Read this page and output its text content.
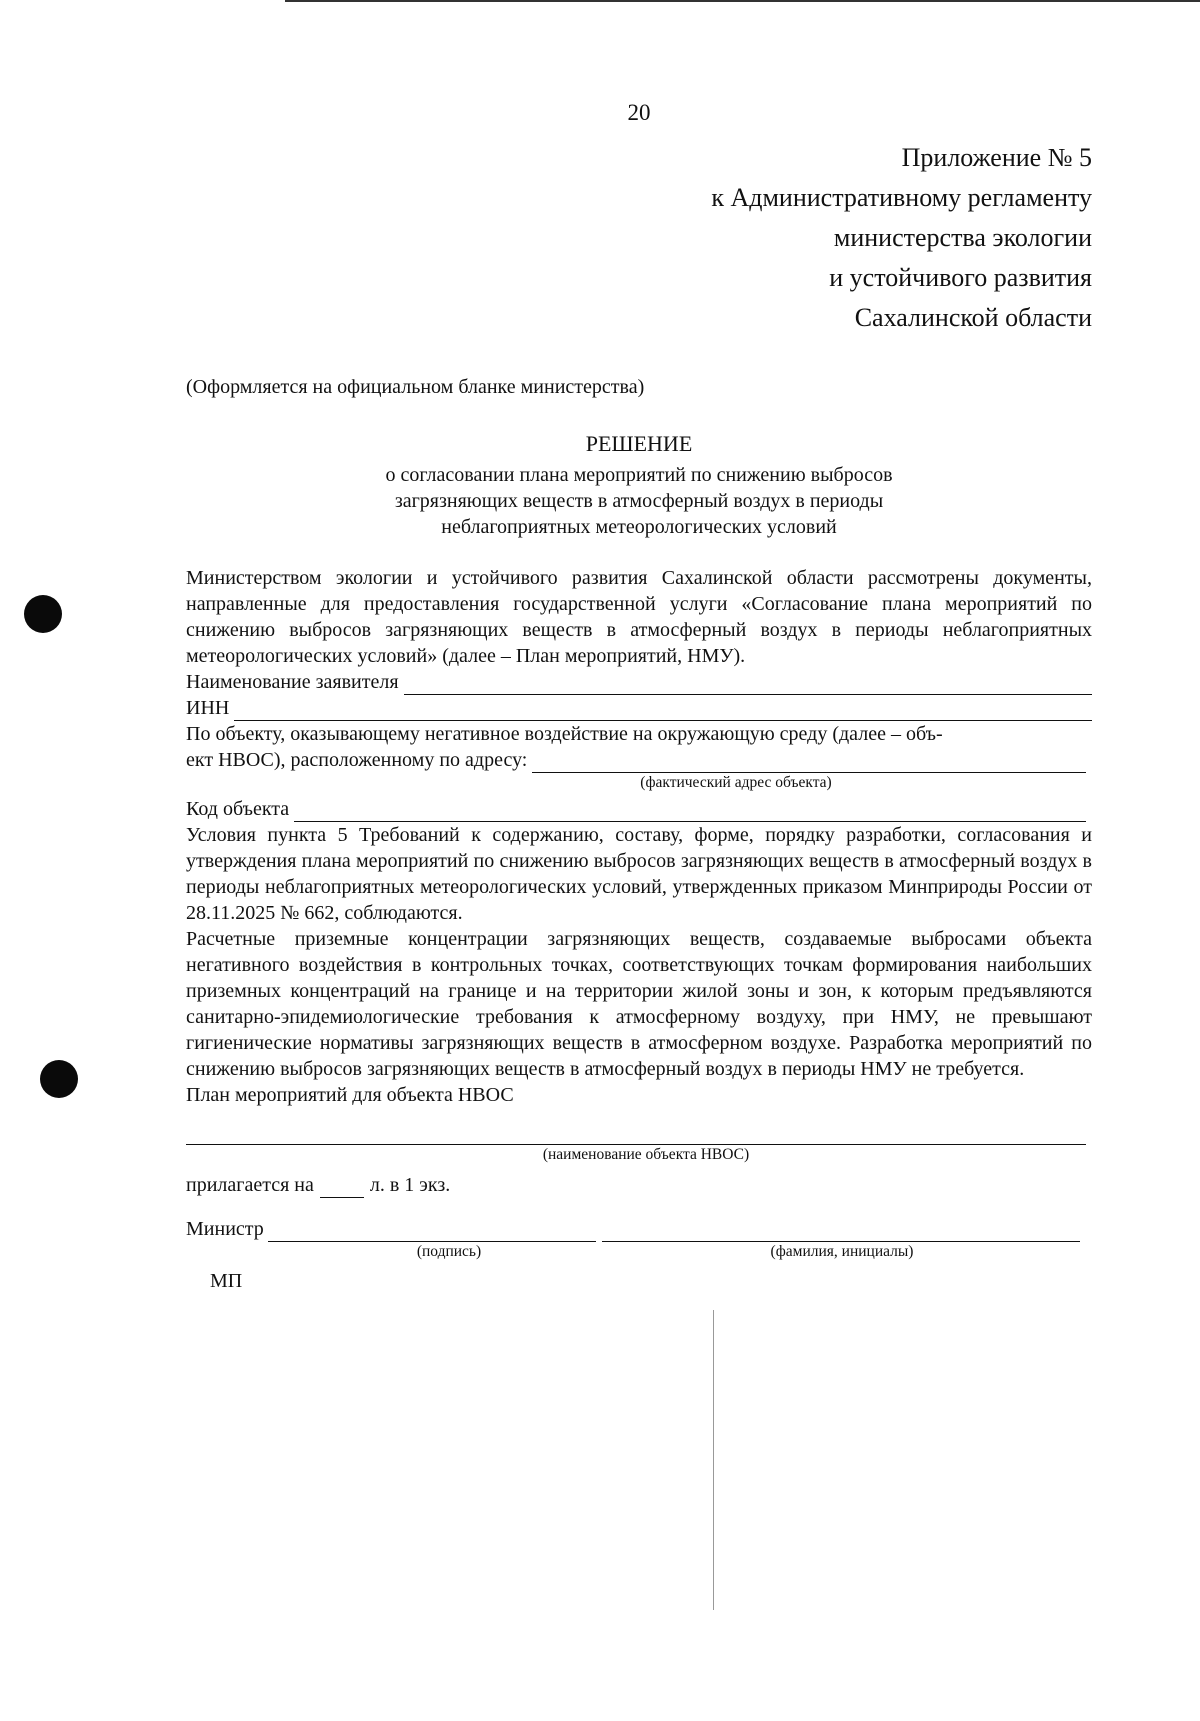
20
Приложение № 5
к Административному регламенту
министерства экологии
и устойчивого развития
Сахалинской области
(Оформляется на официальном бланке министерства)
РЕШЕНИЕ
о согласовании плана мероприятий по снижению выбросов
загрязняющих веществ в атмосферный воздух в периоды
неблагоприятных метеорологических условий
Министерством экологии и устойчивого развития Сахалинской области рассмотрены документы, направленные для предоставления государственной услуги «Согласование плана мероприятий по снижению выбросов загрязняющих веществ в атмосферный воздух в периоды неблагоприятных метеорологических условий» (далее – План мероприятий, НМУ).
Наименование заявителя
ИНН
По объекту, оказывающему негативное воздействие на окружающую среду (далее – объ-
ект НВОС), расположенному по адресу:
(фактический адрес объекта)
Код объекта
Условия пункта 5 Требований к содержанию, составу, форме, порядку разработки, согласования и утверждения плана мероприятий по снижению выбросов загрязняющих веществ в атмосферный воздух в периоды неблагоприятных метеорологических условий, утвержденных приказом Минприроды России от 28.11.2025 № 662, соблюдаются.
Расчетные приземные концентрации загрязняющих веществ, создаваемые выбросами объекта негативного воздействия в контрольных точках, соответствующих точкам формирования наибольших приземных концентраций на границе и на территории жилой зоны и зон, к которым предъявляются санитарно-эпидемиологические требования к атмосферному воздуху, при НМУ, не превышают гигиенические нормативы загрязняющих веществ в атмосферном воздухе. Разработка мероприятий по снижению выбросов загрязняющих веществ в атмосферный воздух в периоды НМУ не требуется.
План мероприятий для объекта НВОС
(наименование объекта НВОС)
прилагается на	л. в 1 экз.
Министр
(подпись)	(фамилия, инициалы)
МП
